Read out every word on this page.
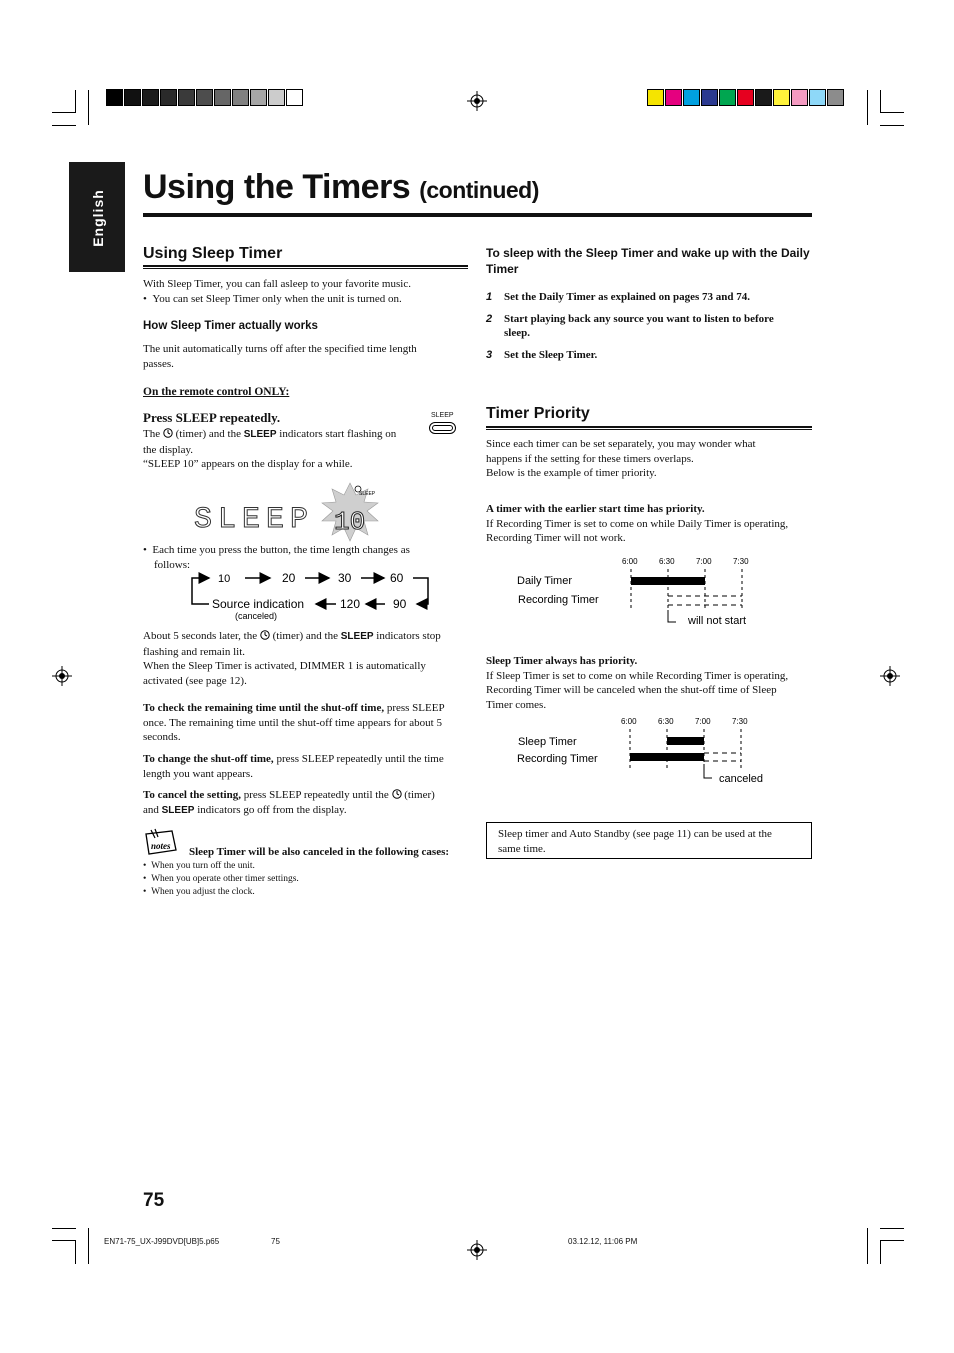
English
Using the Timers (continued)
Using Sleep Timer
With Sleep Timer, you can fall asleep to your favorite music.
•  You can set Sleep Timer only when the unit is turned on.
How Sleep Timer actually works
The unit automatically turns off after the specified time length
passes.
On the remote control ONLY:
Press SLEEP repeatedly.	SLEEP
The (timer) and the SLEEP indicators start flashing on
the display.
“SLEEP 10” appears on the display for a while.
SLEEP 10
SLEEP
•  Each time you press the button, the time length changes as
follows:
10	20	30	60
90
120
Source indication
(canceled)
About 5 seconds later, the (timer) and the SLEEP indicators stop
flashing and remain lit.
When the Sleep Timer is activated, DIMMER 1 is automatically
activated (see page 12).
To check the remaining time until the shut-off time, press SLEEP
once. The remaining time until the shut-off time appears for about 5
seconds.
To change the shut-off time, press SLEEP repeatedly until the time
length you want appears.
To cancel the setting, press SLEEP repeatedly until the (timer)
and SLEEP indicators go off from the display.
notes Sleep Timer will be also canceled in the following cases:
•  When you turn off the unit.
•  When you operate other timer settings.
•  When you adjust the clock.
To sleep with the Sleep Timer and wake up with the Daily
Timer
1 Set the Daily Timer as explained on pages 73 and 74.
2 Start playing back any source you want to listen to before
sleep.
3 Set the Sleep Timer.
Timer Priority
Since each timer can be set separately, you may wonder what
happens if the setting for these timers overlaps.
Below is the example of timer priority.
A timer with the earlier start time has priority.
If Recording Timer is set to come on while Daily Timer is operating,
Recording Timer will not work.
6:00	6:30	7:00	7:30
Daily Timer
Recording Timer
will not start
Sleep Timer always has priority.
If Sleep Timer is set to come on while Recording Timer is operating,
Recording Timer will be canceled when the shut-off time of Sleep
Timer comes.
6:00	6:30	7:00	7:30
Sleep Timer
Recording Timer
canceled
Sleep timer and Auto Standby (see page 11) can be used at the
same time.
75
EN71-75_UX-J99DVD[UB]5.p65	75	03.12.12, 11:06 PM
